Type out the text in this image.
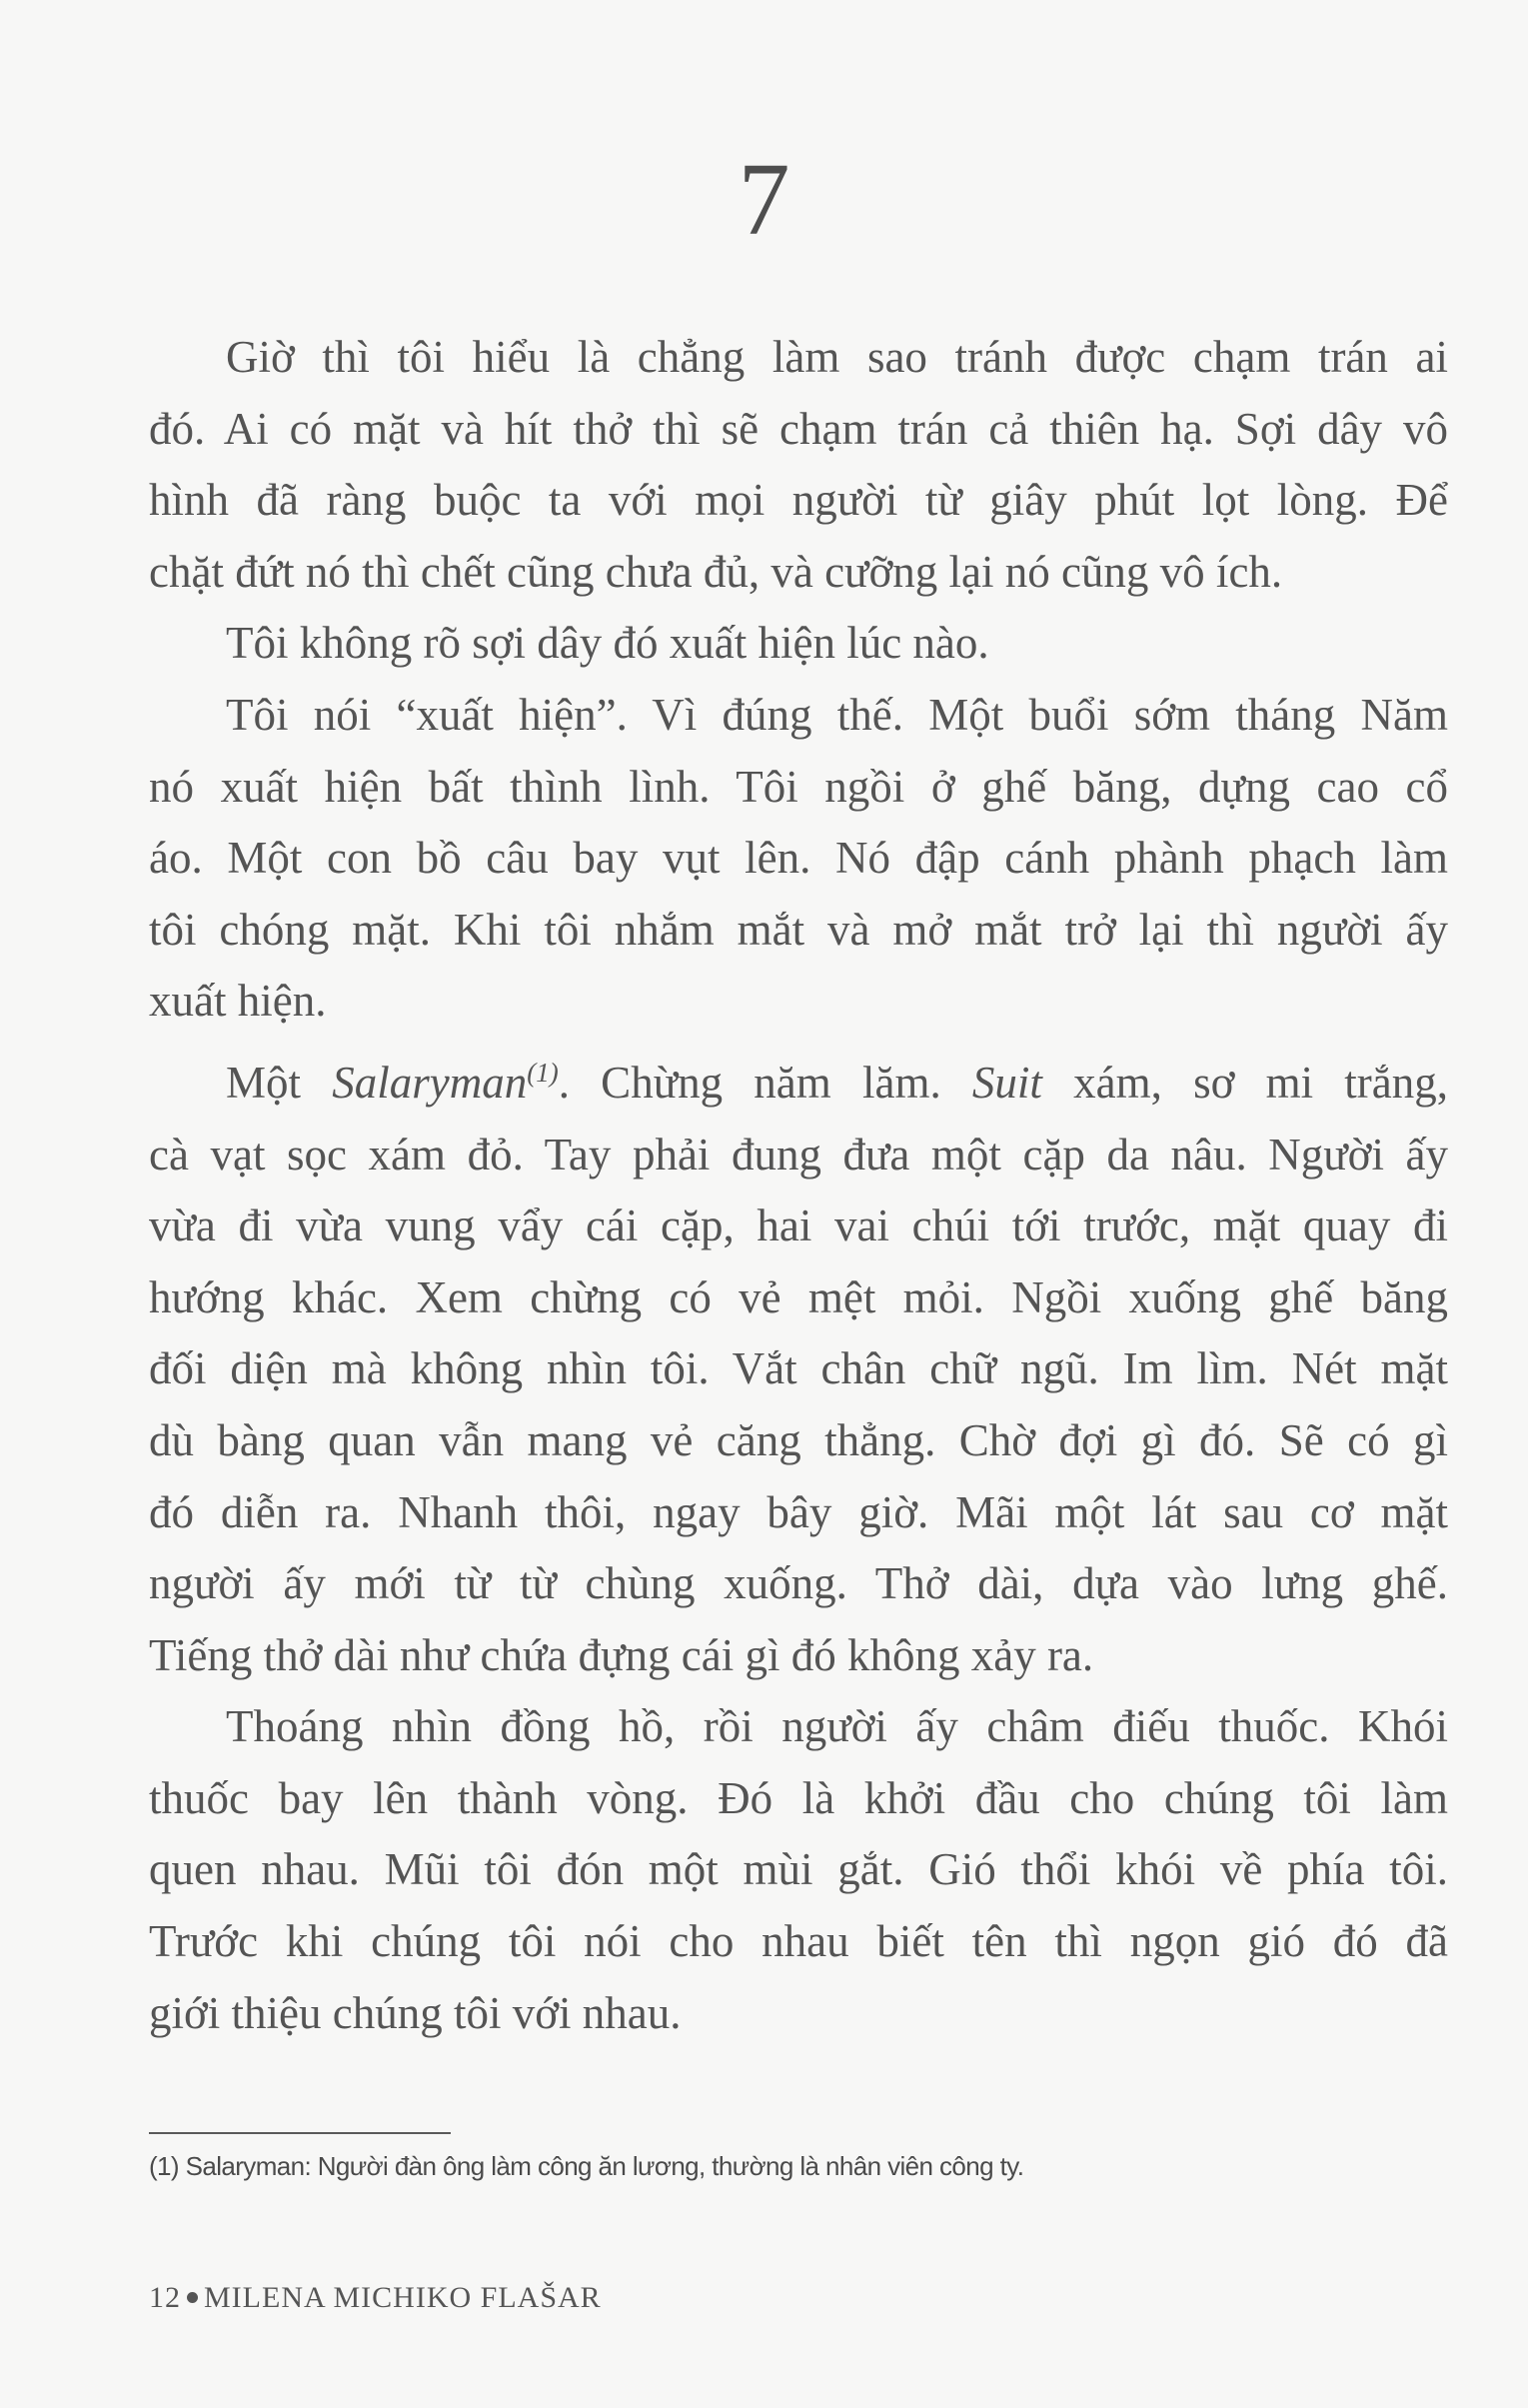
7
Giờ thì tôi hiểu là chẳng làm sao tránh được chạm trán ai
đó. Ai có mặt và hít thở thì sẽ chạm trán cả thiên hạ. Sợi dây vô
hình đã ràng buộc ta với mọi người từ giây phút lọt lòng. Để
chặt đứt nó thì chết cũng chưa đủ, và cưỡng lại nó cũng vô ích.
Tôi không rõ sợi dây đó xuất hiện lúc nào.
Tôi nói “xuất hiện”. Vì đúng thế. Một buổi sớm tháng Năm
nó xuất hiện bất thình lình. Tôi ngồi ở ghế băng, dựng cao cổ
áo. Một con bồ câu bay vụt lên. Nó đập cánh phành phạch làm
tôi chóng mặt. Khi tôi nhắm mắt và mở mắt trở lại thì người ấy
xuất hiện.
Một Salaryman$^{(1)}$. Chừng năm lăm. Suit xám, sơ mi trắng,
cà vạt sọc xám đỏ. Tay phải đung đưa một cặp da nâu. Người ấy
vừa đi vừa vung vẩy cái cặp, hai vai chúi tới trước, mặt quay đi
hướng khác. Xem chừng có vẻ mệt mỏi. Ngồi xuống ghế băng
đối diện mà không nhìn tôi. Vắt chân chữ ngũ. Im lìm. Nét mặt
dù bàng quan vẫn mang vẻ căng thẳng. Chờ đợi gì đó. Sẽ có gì
đó diễn ra. Nhanh thôi, ngay bây giờ. Mãi một lát sau cơ mặt
người ấy mới từ từ chùng xuống. Thở dài, dựa vào lưng ghế.
Tiếng thở dài như chứa đựng cái gì đó không xảy ra.
Thoáng nhìn đồng hồ, rồi người ấy châm điếu thuốc. Khói
thuốc bay lên thành vòng. Đó là khởi đầu cho chúng tôi làm
quen nhau. Mũi tôi đón một mùi gắt. Gió thổi khói về phía tôi.
Trước khi chúng tôi nói cho nhau biết tên thì ngọn gió đó đã
giới thiệu chúng tôi với nhau.
(1) Salaryman: Người đàn ông làm công ăn lương, thường là nhân viên công ty.
12 MILENA MICHIKO FLAŠAR
